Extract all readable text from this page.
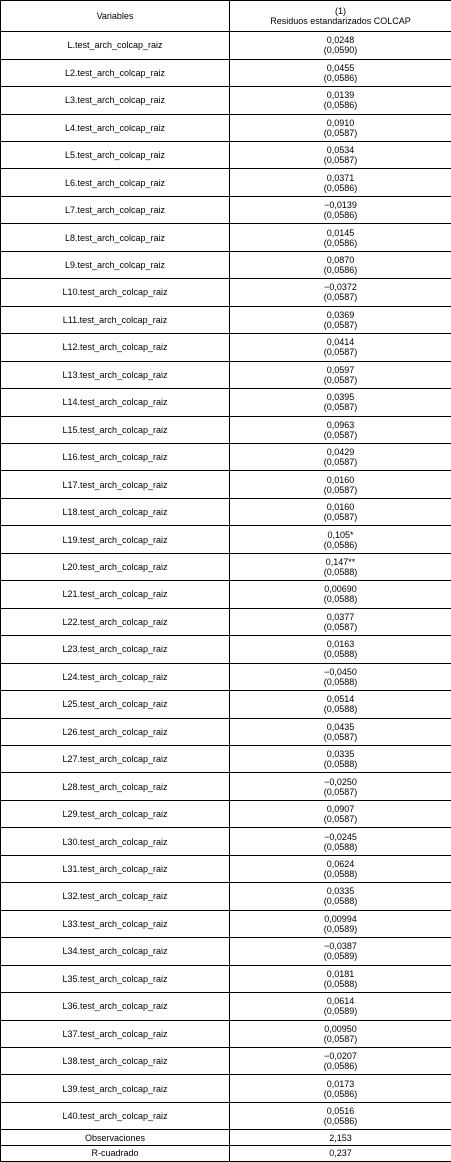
Variables	(1)
Residuos estandarizados COLCAP

L.test_arch_colcap_raiz	0,0248
(0,0590)

L2.test_arch_colcap_raiz	0,0455
(0,0586)

L3.test_arch_colcap_raiz	0,0139
(0,0586)

L4.test_arch_colcap_raiz	0,0910
(0,0587)

L5.test_arch_colcap_raiz	0,0534
(0,0587)

L6.test_arch_colcap_raiz	0,0371
(0,0586)

L7.test_arch_colcap_raiz	−0,0139
(0,0586)

L8.test_arch_colcap_raiz	0,0145
(0,0586)

L9.test_arch_colcap_raiz	0,0870
(0,0586)

L10.test_arch_colcap_raiz	−0,0372
(0,0587)

L11.test_arch_colcap_raiz	0,0369
(0,0587)

L12.test_arch_colcap_raiz	0,0414
(0,0587)

L13.test_arch_colcap_raiz	0,0597
(0,0587)

L14.test_arch_colcap_raiz	0,0395
(0,0587)

L15.test_arch_colcap_raiz	0,0963
(0,0587)

L16.test_arch_colcap_raiz	0,0429
(0,0587)

L17.test_arch_colcap_raiz	0,0160
(0,0587)

L18.test_arch_colcap_raiz	0,0160
(0,0587)

L19.test_arch_colcap_raiz	0,105*
(0,0586)

L20.test_arch_colcap_raiz	0,147**
(0,0588)

L21.test_arch_colcap_raiz	0,00690
(0,0588)

L22.test_arch_colcap_raiz	0,0377
(0,0587)

L23.test_arch_colcap_raiz	0,0163
(0,0588)

L24.test_arch_colcap_raiz	−0,0450
(0,0588)

L25.test_arch_colcap_raiz	0,0514
(0,0588)

L26.test_arch_colcap_raiz	0,0435
(0,0587)

L27.test_arch_colcap_raiz	0,0335
(0,0588)

L28.test_arch_colcap_raiz	−0,0250
(0,0587)

L29.test_arch_colcap_raiz	0,0907
(0,0587)

L30.test_arch_colcap_raiz	−0,0245
(0,0588)

L31.test_arch_colcap_raiz	0,0624
(0,0588)

L32.test_arch_colcap_raiz	0,0335
(0,0588)

L33.test_arch_colcap_raiz	0,00994
(0,0589)

L34.test_arch_colcap_raiz	−0,0387
(0,0589)

L35.test_arch_colcap_raiz	0,0181
(0,0588)

L36.test_arch_colcap_raiz	0,0614
(0,0589)

L37.test_arch_colcap_raiz	0,00950
(0,0587)

L38.test_arch_colcap_raiz	−0,0207
(0,0586)

L39.test_arch_colcap_raiz	0,0173
(0,0586)

L40.test_arch_colcap_raiz	0,0516
(0,0586)

Observaciones	2,153
R-cuadrado	0,237
